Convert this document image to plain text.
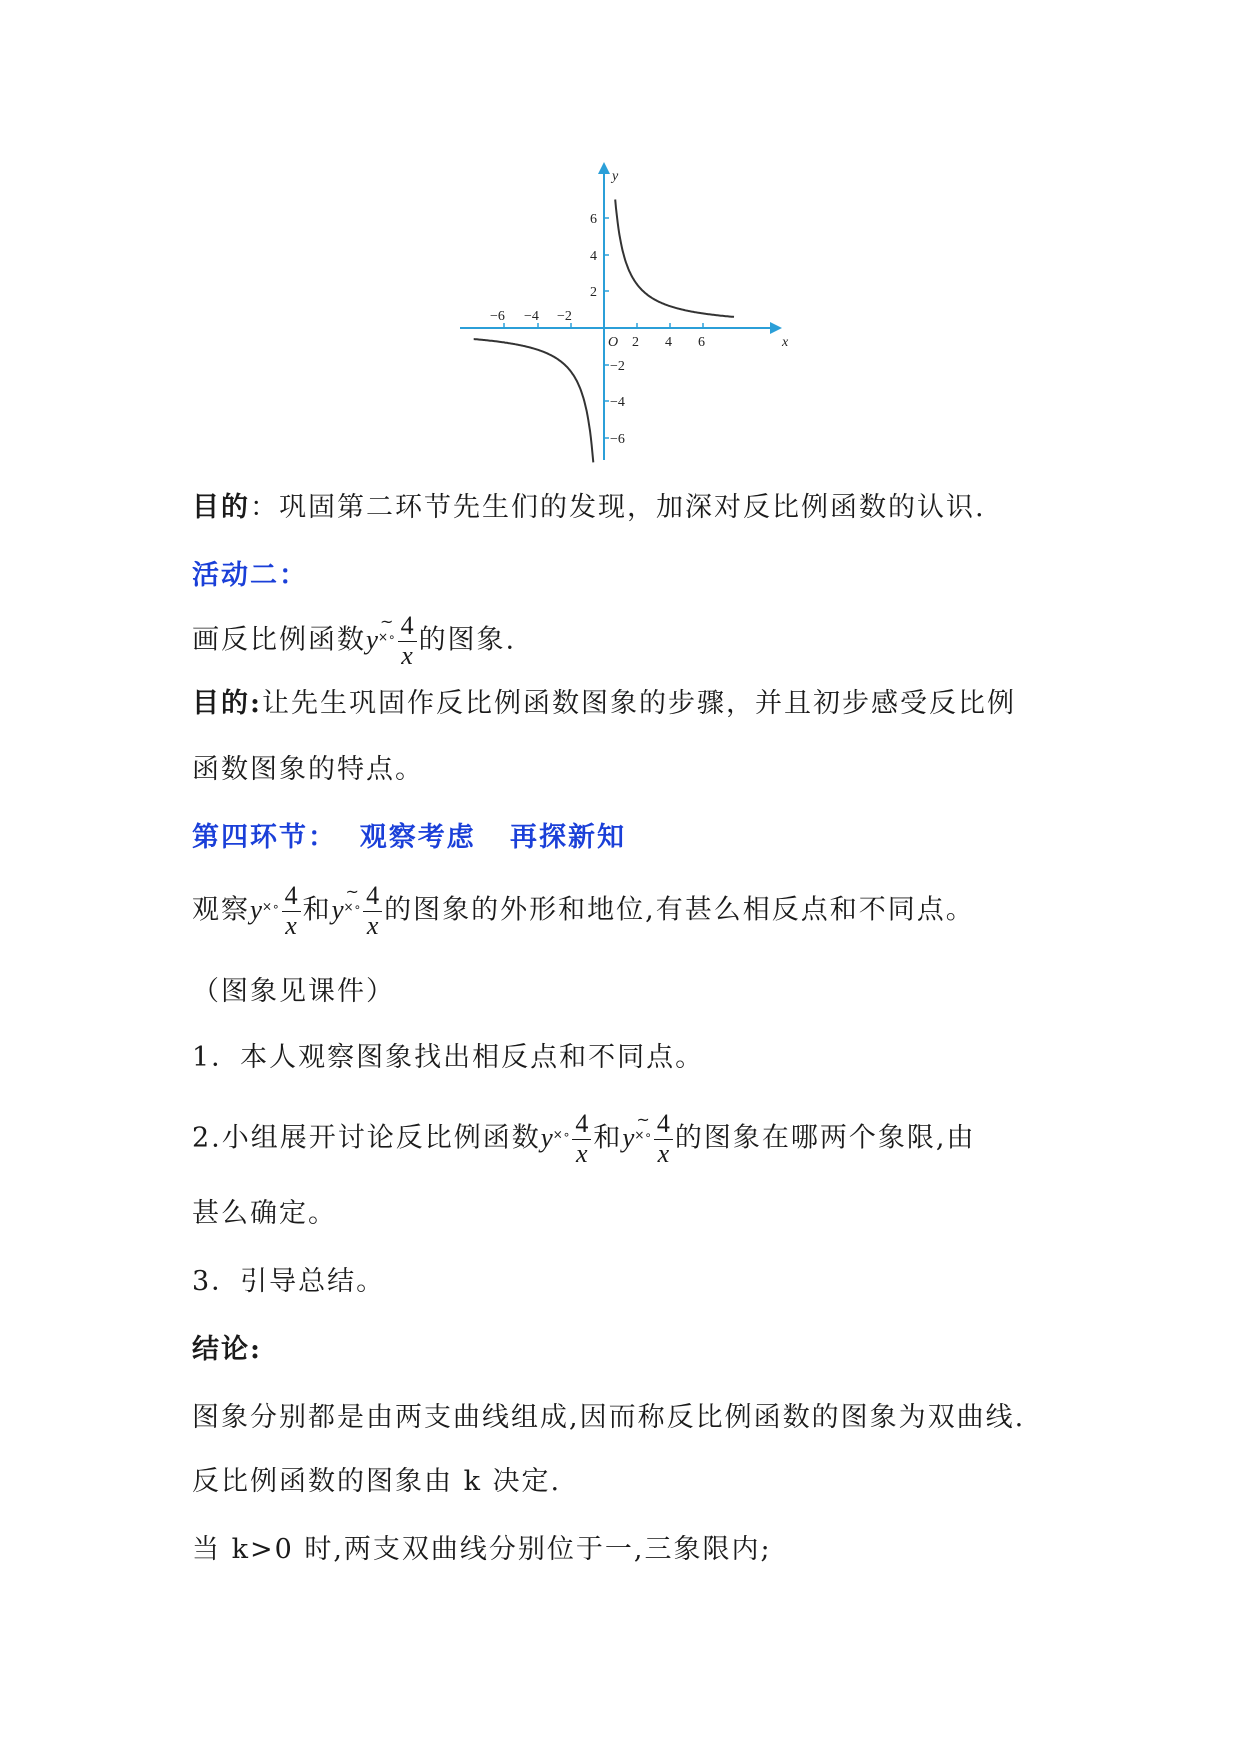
−6 −4 −2
2 4 6
6
4
2
−2
−4
−6
O	x
y
目的：巩固第二环节先生们的发现，加深对反比例函数的认识.
活动二：
画反比例函数y~ $^{\times\circ} \frac{4}{x}$ 的图象.
目的:让先生巩固作反比例函数图象的步骤，并且初步感受反比例
函数图象的特点。
第四环节：  观察考虑   再探新知
观察$y^{\times\circ} \frac{4}{x}$ 和y~ $^{\times\circ} \frac{4}{x}$ 的图象的外形和地位,有甚么相反点和不同点。
（图象见课件）
1．本人观察图象找出相反点和不同点。
2.小组展开讨论反比例函数$y^{\times\circ} \frac{4}{x}$ 和y~ $^{\times\circ} \frac{4}{x}$ 的图象在哪两个象限,由
甚么确定。
3．引导总结。
结论:
图象分别都是由两支曲线组成,因而称反比例函数的图象为双曲线.
反比例函数的图象由 k 决定.
当 k>0 时,两支双曲线分别位于一,三象限内;
